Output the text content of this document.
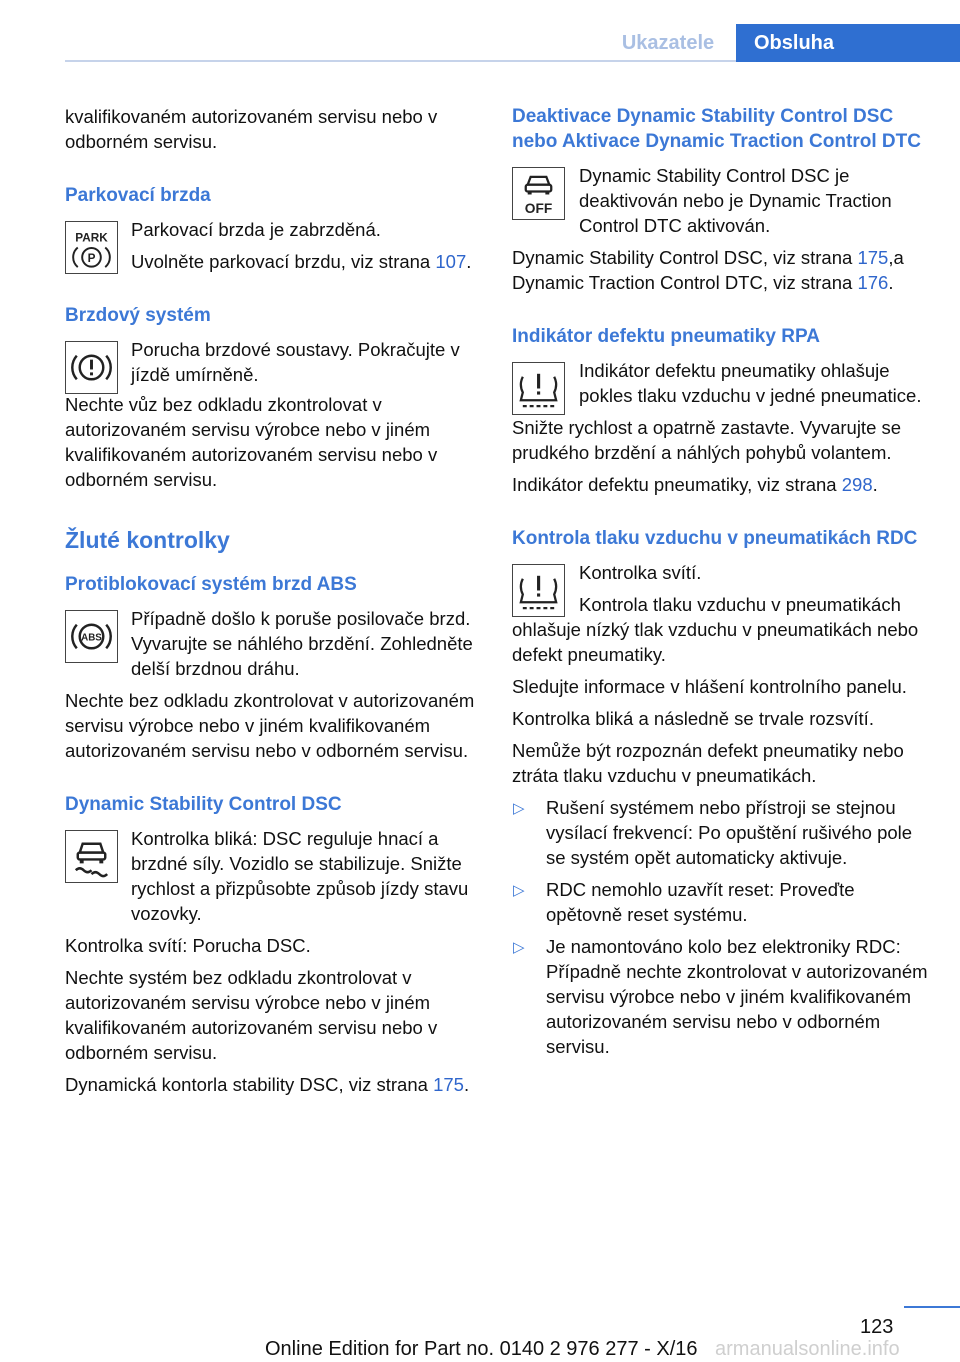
Ukazatele	Obsluha

kvalifikovaném autorizovaném servisu nebo v odborném servisu.

Parkovací brzda
PARK
P

Parkovací brzda je zabrzděná.

Uvolněte parkovací brzdu, viz strana 107.

Brzdový systém

Porucha brzdové soustavy. Pokračujte v jízdě umírněně.

Nechte vůz bez odkladu zkontrolovat v autorizovaném servisu výrobce nebo v jiném kvalifikovaném autorizovaném servisu nebo v odborném servisu.

Žluté kontrolky
Protiblokovací systém brzd ABS
ABS

Případně došlo k poruše posilovače brzd. Vyvarujte se náhlého brzdění. Zohledněte delší brzdnou dráhu.

Nechte bez odkladu zkontrolovat v autorizovaném servisu výrobce nebo v jiném kvalifikovaném autorizovaném servisu nebo v odborném servisu.

Dynamic Stability Control DSC

Kontrolka bliká: DSC reguluje hnací a brzdné síly. Vozidlo se stabilizuje. Snižte rychlost a přizpůsobte způsob jízdy stavu vozovky.

Kontrolka svítí: Porucha DSC.

Nechte systém bez odkladu zkontrolovat v autorizovaném servisu výrobce nebo v jiném kvalifikovaném autorizovaném servisu nebo v odborném servisu.

Dynamická kontorla stability DSC, viz strana 175.

Deaktivace Dynamic Stability Control DSC nebo Aktivace Dynamic Traction Control DTC
OFF

Dynamic Stability Control DSC je deaktivován nebo je Dynamic Traction Control DTC aktivován.

Dynamic Stability Control DSC, viz strana 175,a Dynamic Traction Control DTC, viz strana 176.

Indikátor defektu pneumatiky RPA

Indikátor defektu pneumatiky ohlašuje pokles tlaku vzduchu v jedné pneumatice.

Snižte rychlost a opatrně zastavte. Vyvarujte se prudkého brzdění a náhlých pohybů volantem.

Indikátor defektu pneumatiky, viz strana 298.

Kontrola tlaku vzduchu v pneumatikách RDC

Kontrolka svítí.

Kontrola tlaku vzduchu v pneumatikách ohlašuje nízký tlak vzduchu v pneumatikách nebo defekt pneumatiky.

Sledujte informace v hlášení kontrolního panelu.

Kontrolka bliká a následně se trvale rozsvítí.

Nemůže být rozpoznán defekt pneumatiky nebo ztráta tlaku vzduchu v pneumatikách.

▷ Rušení systémem nebo přístroji se stejnou vysílací frekvencí: Po opuštění rušivého pole se systém opět automaticky aktivuje.
▷ RDC nemohlo uzavřít reset: Proveďte opětovně reset systému.
▷ Je namontováno kolo bez elektroniky RDC: Případně nechte zkontrolovat v autorizovaném servisu výrobce nebo v jiném kvalifikovaném autorizovaném servisu nebo v odborném servisu.
123
Online Edition for Part no. 0140 2 976 277 - X/16 armanualsonline.info
